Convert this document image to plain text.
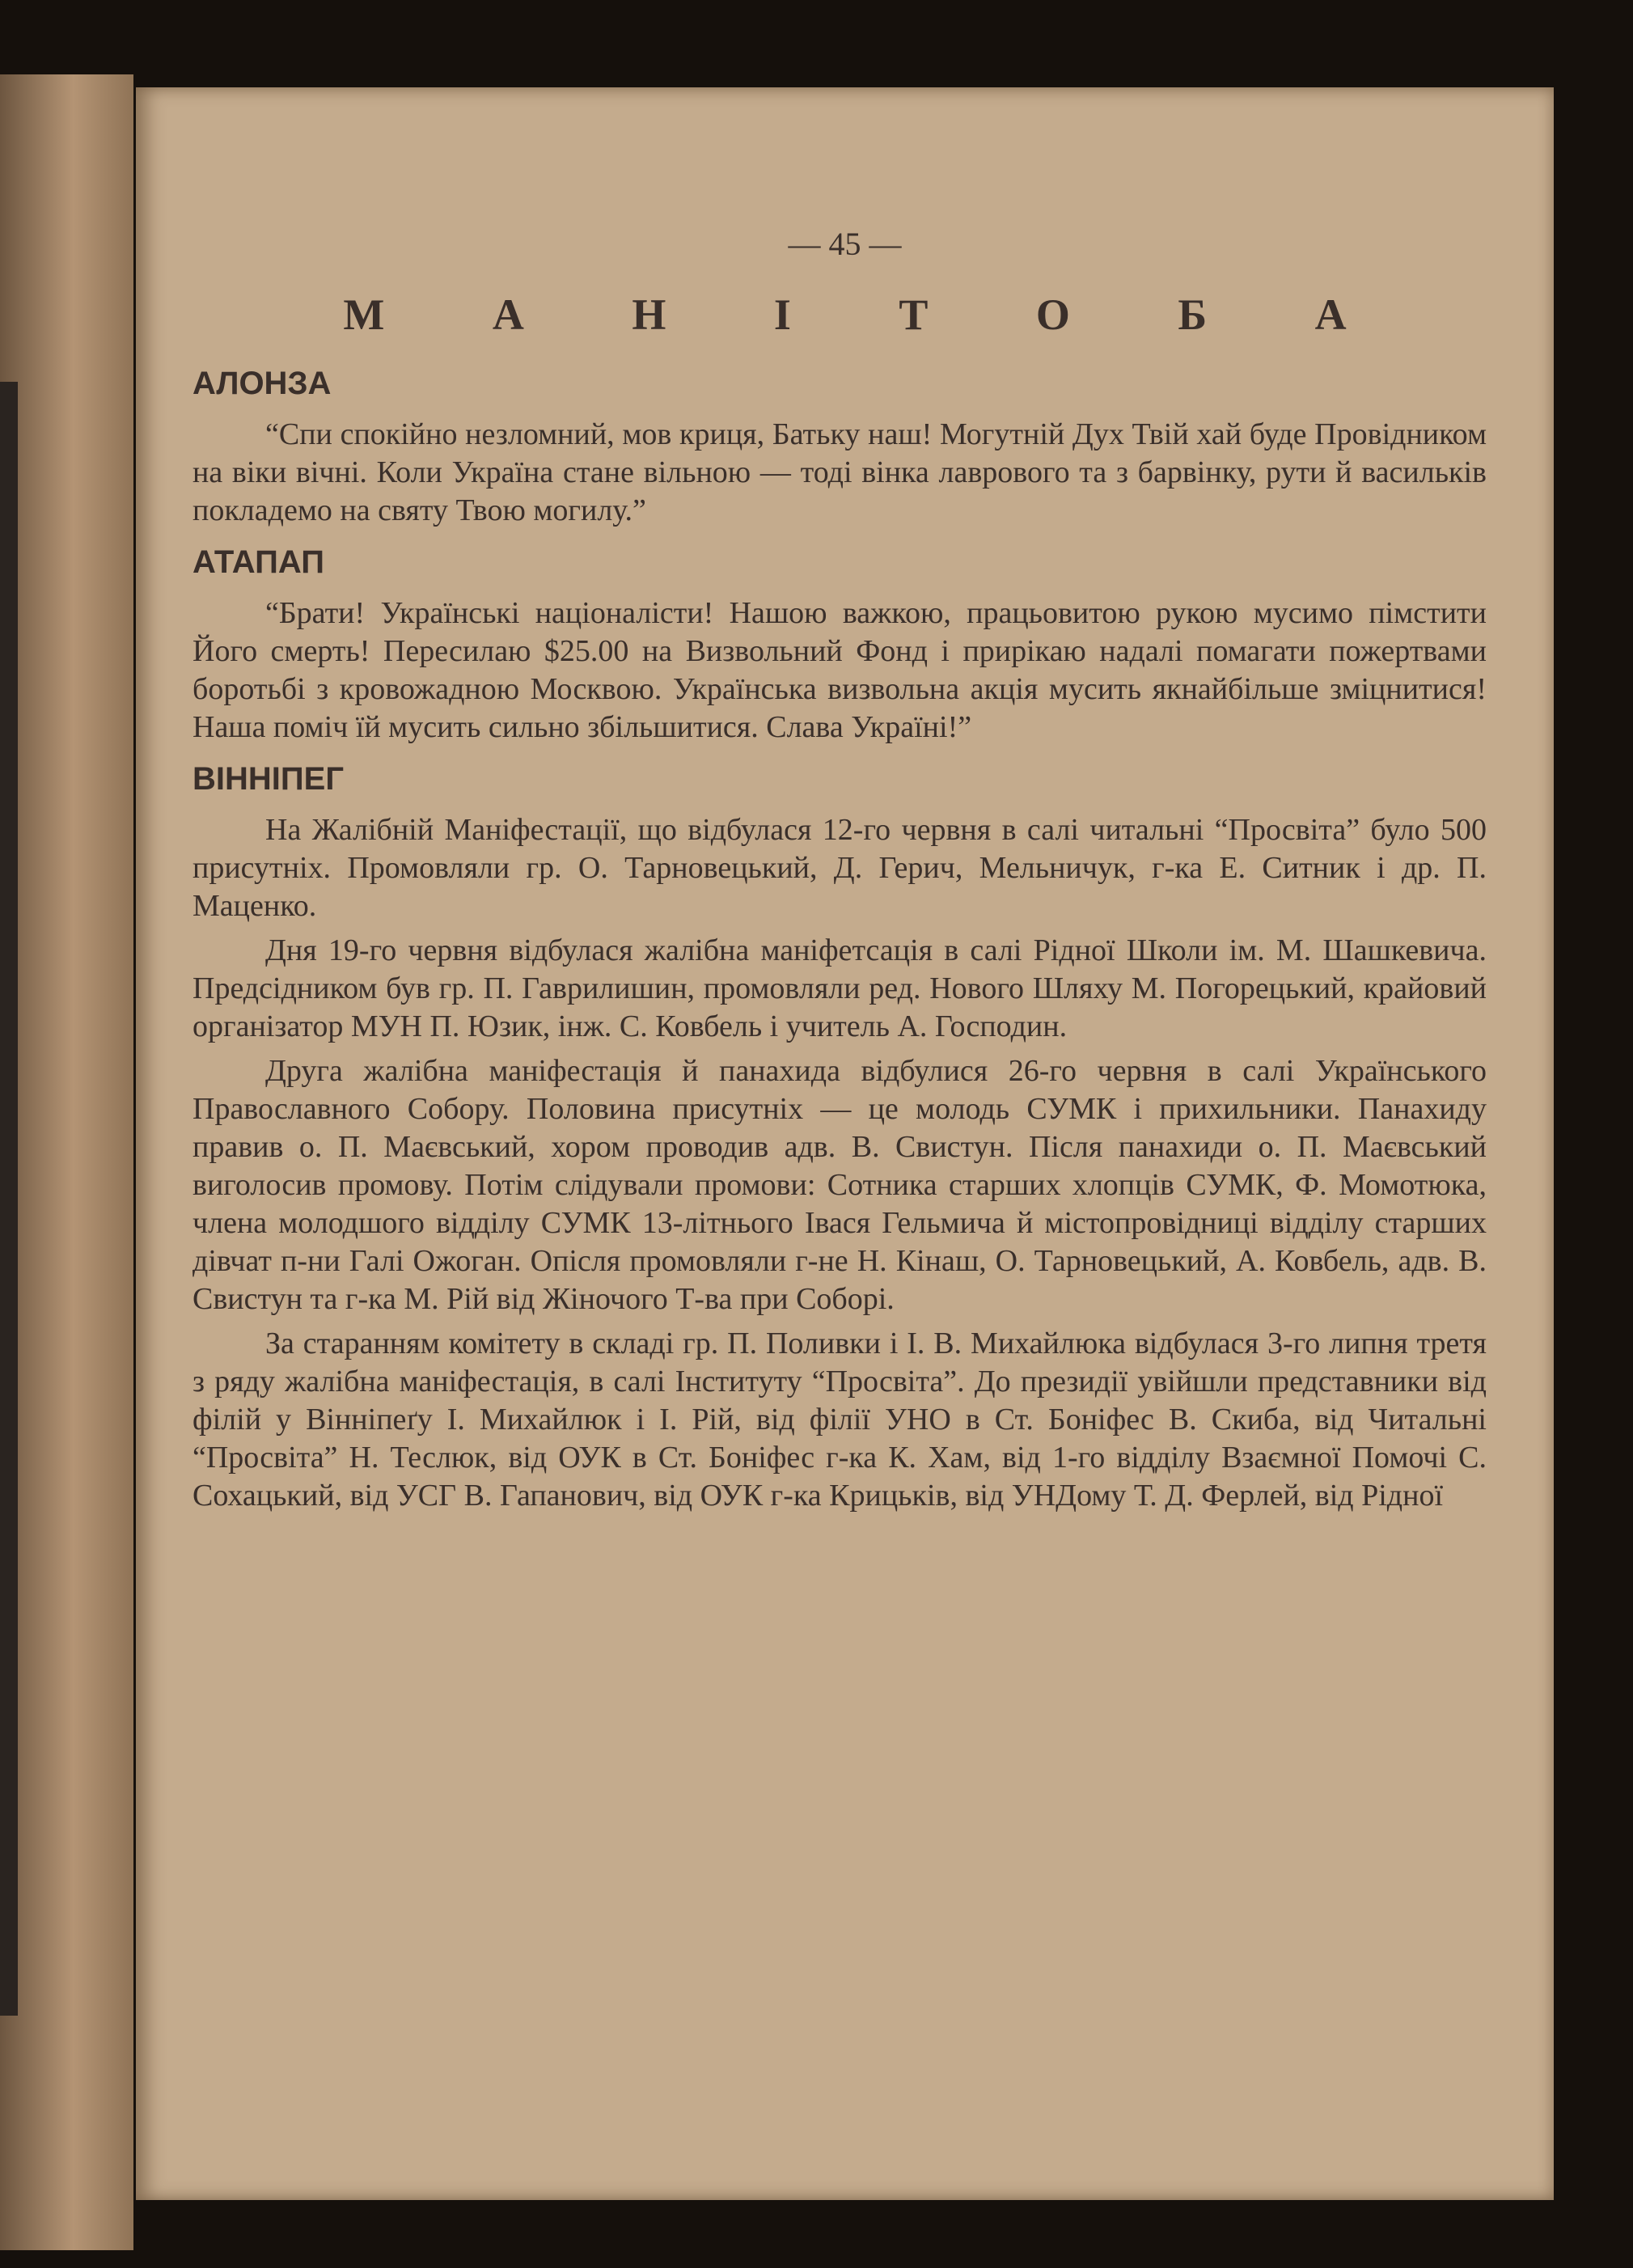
— 45 —
М А Н І Т О Б А
АЛОНЗА

“Спи спокійно незломний, мов криця, Батьку наш! Могутній Дух Твій хай буде Провідником на віки вічні. Коли Україна стане вільною — тоді вінка лаврового та з барвінку, рути й васильків покладемо на святу Твою могилу.”

АТАПАП

“Брати! Українські націоналісти! Нашою важкою, працьовитою рукою мусимо пімстити Його смерть! Пересилаю $25.00 на Визвольний Фонд і прирікаю надалі помагати пожертвами боротьбі з кровожадною Москвою. Українська визвольна акція мусить якнайбільше зміцнитися! Наша поміч їй мусить сильно збільшитися. Слава Україні!”

ВІННІПЕГ

На Жалібній Маніфестації, що відбулася 12-го червня в салі читальні “Просвіта” було 500 присутніх. Промовляли гр. О. Тарновецький, Д. Герич, Мельничук, г-ка Е. Ситник і др. П. Маценко.

Дня 19-го червня відбулася жалібна маніфетсація в салі Рідної Школи ім. М. Шашкевича. Предсідником був гр. П. Гаврилишин, промовляли ред. Нового Шляху М. Погорецький, крайовий організатор МУН П. Юзик, інж. С. Ковбель і учитель А. Господин.

Друга жалібна маніфестація й панахида відбулися 26-го червня в салі Українського Православного Собору. Половина присутніх — це молодь СУМК і прихильники. Панахиду правив о. П. Маєвський, хором проводив адв. В. Свистун. Після панахиди о. П. Маєвський виголосив промову. Потім слідували промови: Сотника старших хлопців СУМК, Ф. Момотюка, члена молодшого відділу СУМК 13-літнього Івася Гельмича й містопровідниці відділу старших дівчат п-ни Галі Ожоган. Опісля промовляли г-не Н. Кінаш, О. Тарновецький, А. Ковбель, адв. В. Свистун та г-ка М. Рій від Жіночого Т-ва при Соборі.

За старанням комітету в складі гр. П. Поливки і І. В. Михайлюка відбулася 3-го липня третя з ряду жалібна маніфестація, в салі Інституту “Просвіта”. До президії увійшли представники від філій у Вінніпеґу І. Михайлюк і І. Рій, від філії УНО в Ст. Боніфес В. Скиба, від Читальні “Просвіта” Н. Теслюк, від ОУК в Ст. Боніфес г-ка К. Хам, від 1-го відділу Взаємної Помочі С. Сохацький, від УСГ В. Гапанович, від ОУК г-ка Крицьків, від УНДому Т. Д. Ферлей, від Рідної
